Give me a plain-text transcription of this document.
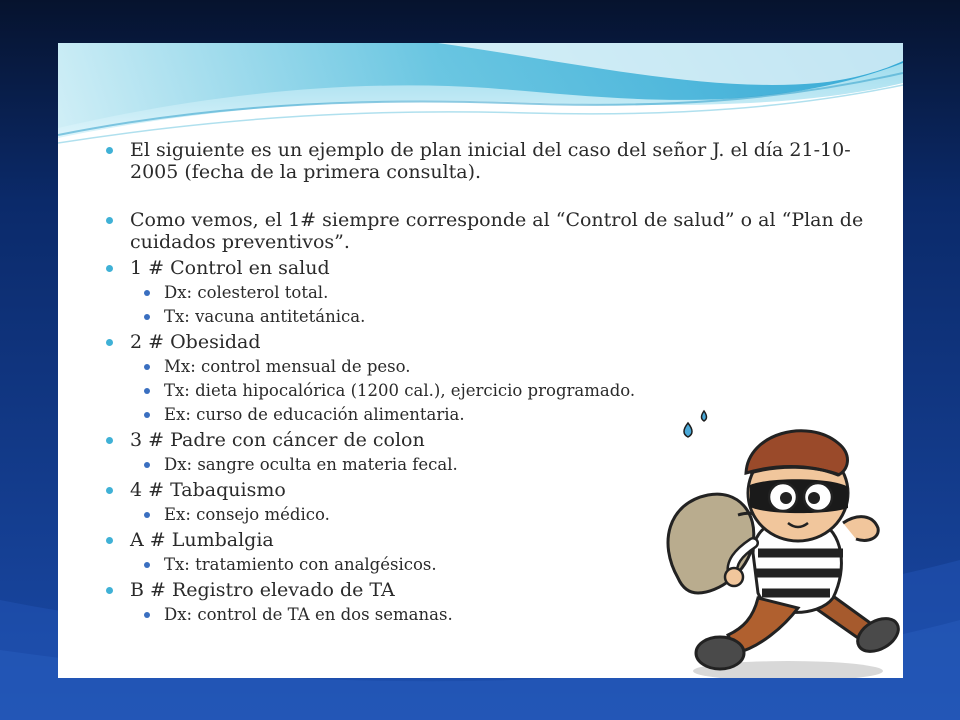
El siguiente es un ejemplo de plan inicial del caso del señor J. el día 21-10-2005 (fecha de la primera consulta).
Como vemos, el 1# siempre corresponde al “Control de salud” o al “Plan de cuidados preventivos”.
1 # Control en salud
Dx: colesterol total.
Tx: vacuna antitetánica.
2 # Obesidad
Mx: control mensual de peso.
Tx: dieta hipocalórica (1200 cal.), ejercicio programado.
Ex: curso de educación alimentaria.
3 # Padre con cáncer de colon
Dx: sangre oculta en materia fecal.
4 # Tabaquismo
Ex: consejo médico.
A # Lumbalgia
Tx: tratamiento con analgésicos.
B # Registro elevado de TA
Dx: control de TA en dos semanas.
